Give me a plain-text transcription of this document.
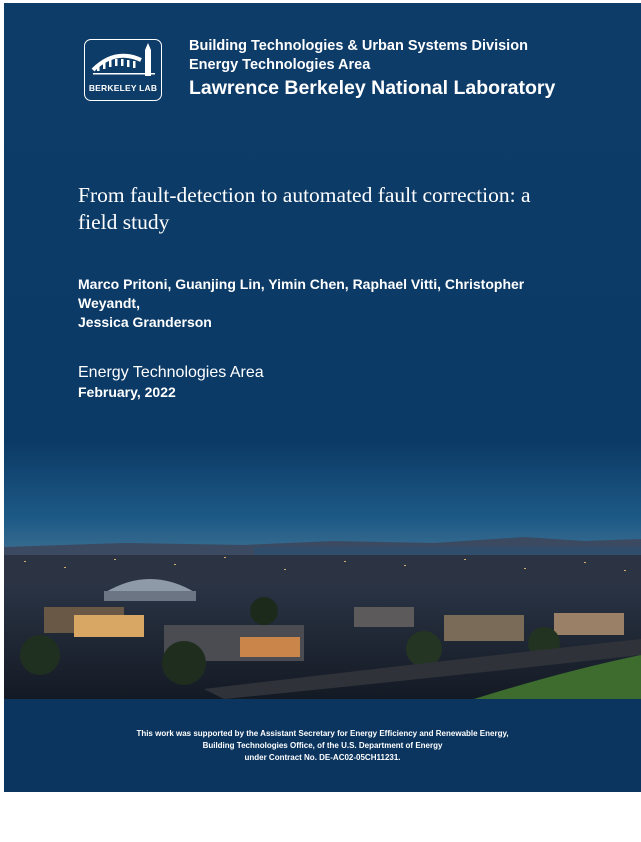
BERKELEY LAB
Building Technologies & Urban Systems Division
Energy Technologies Area
Lawrence Berkeley National Laboratory
From fault-detection to automated fault correction: a
field study
Marco Pritoni, Guanjing Lin, Yimin Chen, Raphael Vitti, Christopher Weyandt,
Jessica Granderson
Energy Technologies Area
February, 2022
This work was supported by the Assistant Secretary for Energy Efficiency and Renewable Energy,
Building Technologies Office, of the U.S. Department of Energy
under Contract No. DE-AC02-05CH11231.
